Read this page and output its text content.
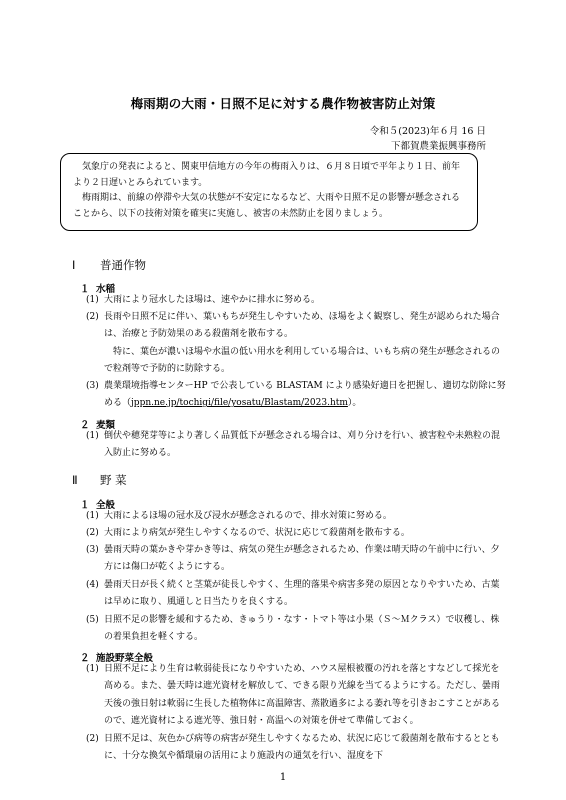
梅雨期の大雨・日照不足に対する農作物被害防止対策
令和５(2023)年６月 16 日
下都賀農業振興事務所

気象庁の発表によると、関東甲信地方の今年の梅雨入りは、６月８日頃で平年より１日、前年より２日遅いとみられています。

梅雨期は、前線の停滞や大気の状態が不安定になるなど、大雨や日照不足の影響が懸念されることから、以下の技術対策を確実に実施し、被害の未然防止を図りましょう。

Ⅰ 普通作物
１ 水稲
(1) 大雨により冠水したほ場は、速やかに排水に努める。
(2) 長雨や日照不足に伴い、葉いもちが発生しやすいため、ほ場をよく観察し、発生が認められた場合は、治療と予防効果のある殺菌剤を散布する。
特に、葉色が濃いほ場や水温の低い用水を利用している場合は、いもち病の発生が懸念されるので粒剤等で予防的に防除する。
(3) 農業環境指導センターHP で公表している BLASTAM により感染好適日を把握し、適切な防除に努める（jppn.ne.jp/tochigi/file/yosatu/Blastam/2023.htm）。
２ 麦類
(1) 倒伏や穂発芽等により著しく品質低下が懸念される場合は、刈り分けを行い、被害粒や未熟粒の混入防止に努める。
Ⅱ 野 菜
１ 全般
(1) 大雨によるほ場の冠水及び浸水が懸念されるので、排水対策に努める。
(2) 大雨により病気が発生しやすくなるので、状況に応じて殺菌剤を散布する。
(3) 曇雨天時の葉かきや芽かき等は、病気の発生が懸念されるため、作業は晴天時の午前中に行い、夕方には傷口が乾くようにする。
(4) 曇雨天日が長く続くと茎葉が徒長しやすく、生理的落果や病害多発の原因となりやすいため、古葉は早めに取り、風通しと日当たりを良くする。
(5) 日照不足の影響を緩和するため、きゅうり・なす・トマト等は小果（Ｓ～Ｍクラス）で収穫し、株の着果負担を軽くする。
２ 施設野菜全般
(1) 日照不足により生育は軟弱徒長になりやすいため、ハウス屋根被覆の汚れを落とすなどして採光を高める。また、曇天時は遮光資材を解放して、できる限り光線を当てるようにする。ただし、曇雨天後の強日射は軟弱に生長した植物体に高温障害、蒸散過多による萎れ等を引きおこすことがあるので、遮光資材による遮光等、強日射・高温への対策を併せて準備しておく。
(2) 日照不足は、灰色かび病等の病害が発生しやすくなるため、状況に応じて殺菌剤を散布するとともに、十分な換気や循環扇の活用により施設内の通気を行い、湿度を下
1
